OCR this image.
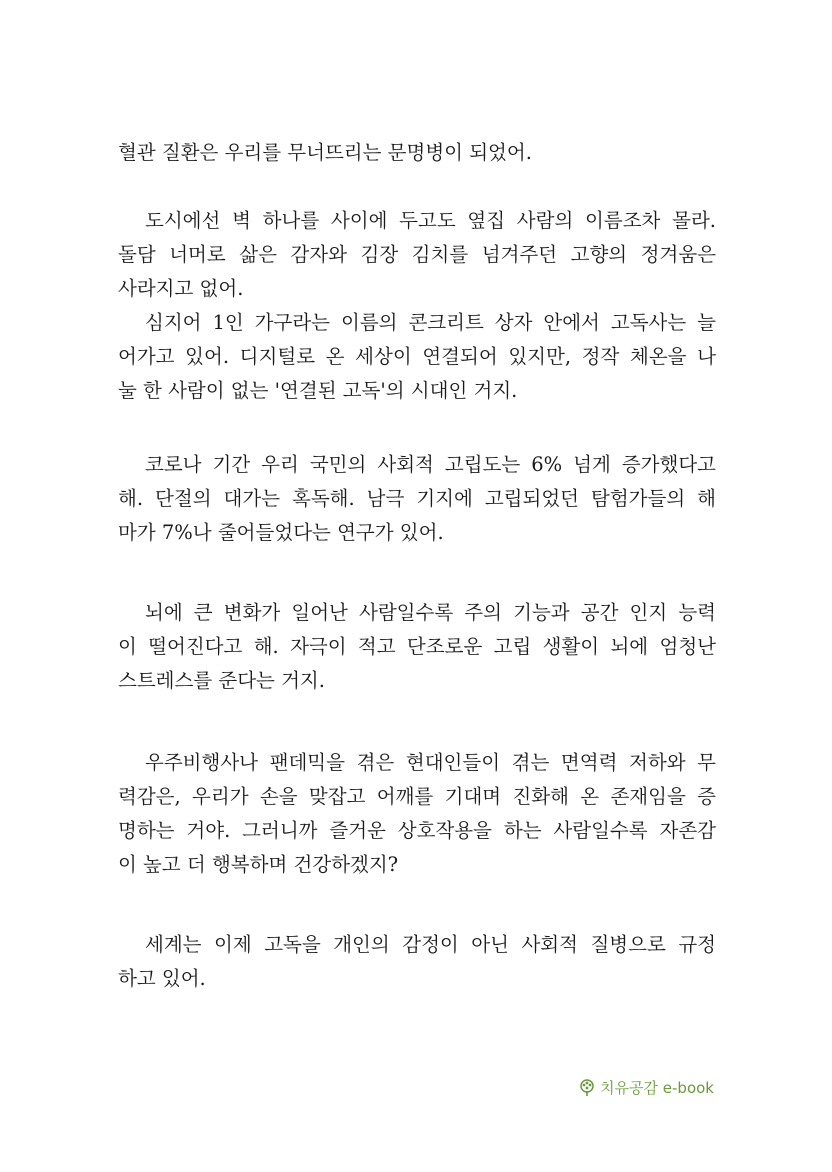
혈관 질환은 우리를 무너뜨리는 문명병이 되었어.
도시에선 벽 하나를 사이에 두고도 옆집 사람의 이름조차 몰라.
돌담 너머로 삶은 감자와 김장 김치를 넘겨주던 고향의 정겨움은
사라지고 없어.
심지어 1인 가구라는 이름의 콘크리트 상자 안에서 고독사는 늘
어가고 있어. 디지털로 온 세상이 연결되어 있지만, 정작 체온을 나
눌 한 사람이 없는 '연결된 고독'의 시대인 거지.
코로나 기간 우리 국민의 사회적 고립도는 6% 넘게 증가했다고
해. 단절의 대가는 혹독해. 남극 기지에 고립되었던 탐험가들의 해
마가 7%나 줄어들었다는 연구가 있어.
뇌에 큰 변화가 일어난 사람일수록 주의 기능과 공간 인지 능력
이 떨어진다고 해. 자극이 적고 단조로운 고립 생활이 뇌에 엄청난
스트레스를 준다는 거지.
우주비행사나 팬데믹을 겪은 현대인들이 겪는 면역력 저하와 무
력감은, 우리가 손을 맞잡고 어깨를 기대며 진화해 온 존재임을 증
명하는 거야. 그러니까 즐거운 상호작용을 하는 사람일수록 자존감
이 높고 더 행복하며 건강하겠지?
세계는 이제 고독을 개인의 감정이 아닌 사회적 질병으로 규정
하고 있어.
치유공감 e-book
